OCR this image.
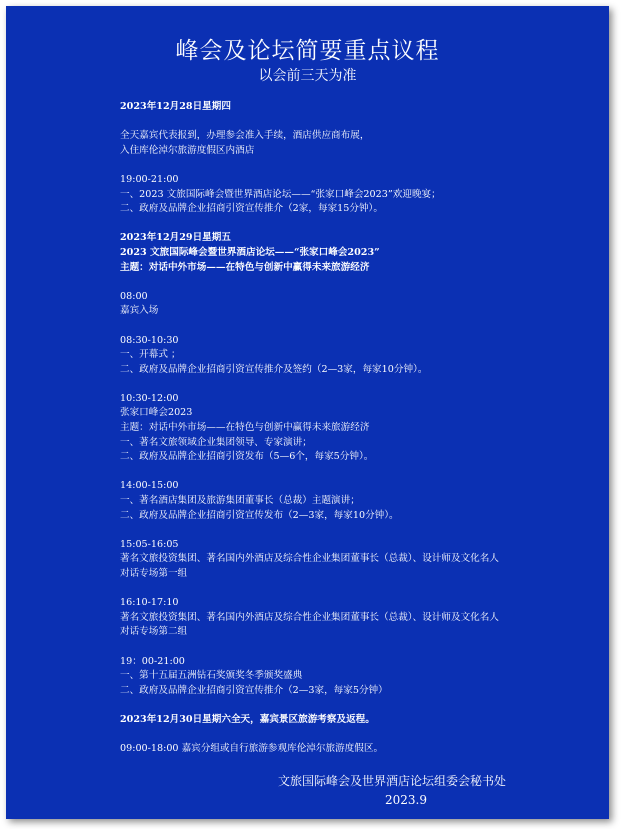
峰会及论坛简要重点议程
以会前三天为准
2023年12月28日星期四
全天嘉宾代表报到，办理参会准入手续，酒店供应商布展，
入住库伦淖尔旅游度假区内酒店
19:00-21:00
一、2023 文旅国际峰会暨世界酒店论坛——“张家口峰会2023”欢迎晚宴；
二、政府及品牌企业招商引资宣传推介（2家，每家15分钟）。
2023年12月29日星期五
2023 文旅国际峰会暨世界酒店论坛——“张家口峰会2023”
主题：对话中外市场——在特色与创新中赢得未来旅游经济
08:00
嘉宾入场
08:30-10:30
一、开幕式 ；
二、政府及品牌企业招商引资宣传推介及签约（2—3家，每家10分钟）。
10:30-12:00
张家口峰会2023
主题：对话中外市场——在特色与创新中赢得未来旅游经济
一、著名文旅领域企业集团领导、专家演讲；
二、政府及品牌企业招商引资发布（5—6个，每家5分钟）。
14:00-15:00
一、著名酒店集团及旅游集团董事长（总裁）主题演讲；
二、政府及品牌企业招商引资宣传发布（2—3家，每家10分钟）。
15:05-16:05
著名文旅投资集团、著名国内外酒店及综合性企业集团董事长（总裁）、设计师及文化名人
对话专场第一组
16:10-17:10
著名文旅投资集团、著名国内外酒店及综合性企业集团董事长（总裁）、设计师及文化名人
对话专场第二组
19：00-21:00
一、第十五届五洲钻石奖颁奖冬季颁奖盛典
二、政府及品牌企业招商引资宣传推介（2—3家，每家5分钟）
2023年12月30日星期六全天，嘉宾景区旅游考察及返程。
09:00-18:00 嘉宾分组或自行旅游参观库伦淖尔旅游度假区。
文旅国际峰会及世界酒店论坛组委会秘书处
2023.9
